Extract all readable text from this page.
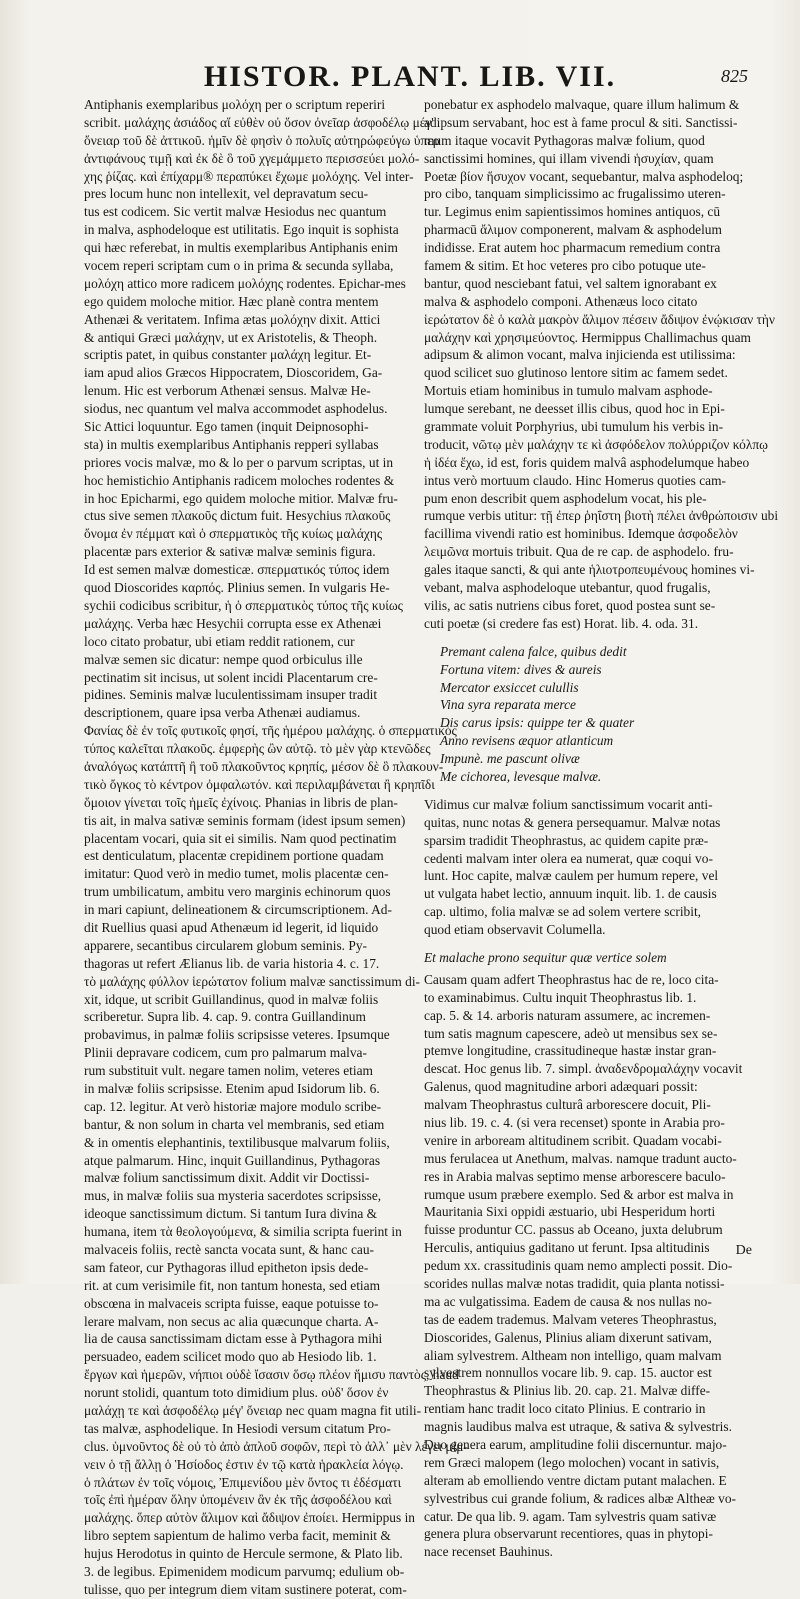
HISTOR. PLANT. LIB. VII.	825
Antiphanis exemplaribus μολόχη per ο scriptum reperiri
scribit. μαλάχης ἀσιάδος αἵ εὐθὲν οὐ ὅσον ὀνεῖαρ ἀσφοδέλῳ μέγ'
ὄνειαρ τοῦ δὲ ἀττικοῦ. ἡμῖν δὲ φησὶν ὁ πολυῖς αὐτηρώφεύγω ὑπερ
ἀντιφάνους τιμῇ καὶ ἐκ δὲ ὃ τοῦ χγεμάμμετο περισσεύει μολό-
χης ῥίζας. καὶ ἐπίχαρμ® περαπύκει ἔχωμε μολόχης. Vel inter-
pres locum hunc non intellexit, vel depravatum secu-
tus est codicem. Sic vertit malvæ Hesiodus nec quantum
in malva, asphodeloque est utilitatis. Ego inquit is sophista
qui hæc referebat, in multis exemplaribus Antiphanis enim
vocem reperi scriptam cum o in prima & secunda syllaba,
μολόχη attico more radicem μολόχης rodentes. Epichar-mes
ego quidem moloche mitior. Hæc planè contra mentem
Athenæi & veritatem. Infima ætas μολόχην dixit. Attici
& antiqui Græci μαλάχην, ut ex Aristotelis, & Theoph.
scriptis patet, in quibus constanter μαλάχη legitur. Et-
iam apud alios Græcos Hippocratem, Dioscoridem, Ga-
lenum. Hic est verborum Athenæi sensus. Malvæ He-
siodus, nec quantum vel malva accommodet asphodelus.
Sic Attici loquuntur. Ego tamen (inquit Deipnosophi-
sta) in multis exemplaribus Antiphanis repperi syllabas
priores vocis malvæ, mo & lo per o parvum scriptas, ut in
hoc hemistichio Antiphanis radicem moloches rodentes &
in hoc Epicharmi, ego quidem moloche mitior. Malvæ fru-
ctus sive semen πλακοῦς dictum fuit. Hesychius πλακοῦς
ὄνομα ἐν πέμματ καὶ ὁ σπερματικὸς τῆς κυίως μαλάχης
placentæ pars exterior & sativæ malvæ seminis figura.
Id est semen malvæ domesticæ. σπερματικός τύπος idem
quod Dioscorides καρπός. Plinius semen. In vulgaris He-
sychii codicibus scribitur, ἡ ὁ σπερματικὸς τύπος τῆς κυίως
μαλάχης. Verba hæc Hesychii corrupta esse ex Athenæi
loco citato probatur, ubi etiam reddit rationem, cur
malvæ semen sic dicatur: nempe quod orbiculus ille
pectinatim sit incisus, ut solent incidi Placentarum cre-
pidines. Seminis malvæ luculentissimam insuper tradit
descriptionem, quare ipsa verba Athenæi audiamus.
Φανίας δὲ ἐν τοῖς φυτικοῖς φησί, τῆς ἡμέρου μαλάχης. ὁ σπερματικὸς
τύπος καλεῖται πλακοῦς. ἐμφερὴς ὢν αὐτῷ. τὸ μὲν γὰρ κτενῶδες
ἀναλόγως κατάπτῆ ἢ τοῦ πλακοῦντος κρηπίς, μέσον δὲ ὃ πλακουν-
τικὸ ὄγκος τὸ κέντρον ὀμφαλωτόν. καὶ περιλαμβάνεται ἢ κρηπῖδι
ὅμοιον γίνεται τοῖς ἡμεῖς ἐχίνοις. Phanias in libris de plan-
tis ait, in malva sativæ seminis formam (idest ipsum semen)
placentam vocari, quia sit ei similis. Nam quod pectinatim
est denticulatum, placentæ crepidinem portione quadam
imitatur: Quod verò in medio tumet, molis placentæ cen-
trum umbilicatum, ambitu vero marginis echinorum quos
in mari capiunt, delineationem & circumscriptionem. Ad-
dit Ruellius quasi apud Athenæum id legerit, id liquido
apparere, secantibus circularem globum seminis. Py-
thagoras ut refert Ælianus lib. de varia historia 4. c. 17.
τὸ μαλάχης φύλλον ἱερώτατον folium malvæ sanctissimum di-
xit, idque, ut scribit Guillandinus, quod in malvæ foliis
scriberetur. Supra lib. 4. cap. 9. contra Guillandinum
probavimus, in palmæ foliis scripsisse veteres. Ipsumque
Plinii depravare codicem, cum pro palmarum malva-
rum substituit vult. negare tamen nolim, veteres etiam
in malvæ foliis scripsisse. Etenim apud Isidorum lib. 6.
cap. 12. legitur. At verò historiæ majore modulo scribe-
bantur, & non solum in charta vel membranis, sed etiam
& in omentis elephantinis, textilibusque malvarum foliis,
atque palmarum. Hinc, inquit Guillandinus, Pythagoras
malvæ folium sanctissimum dixit. Addit vir Doctissi-
mus, in malvæ foliis sua mysteria sacerdotes scripsisse,
ideoque sanctissimum dictum. Si tantum Iura divina &
humana, item τὰ θεολογούμενα, & similia scripta fuerint in
malvaceis foliis, rectè sancta vocata sunt, & hanc cau-
sam fateor, cur Pythagoras illud epitheton ipsis dede-
rit. at cum verisimile fit, non tantum honesta, sed etiam
obscœna in malvaceis scripta fuisse, eaque potuisse to-
lerare malvam, non secus ac alia quæcunque charta. A-
lia de causa sanctissimam dictam esse à Pythagora mihi
persuadeo, eadem scilicet modo quo ab Hesiodo lib. 1.
ἔργων καὶ ἡμερῶν, νήπιοι οὐδὲ ἴσασιν ὅσῳ πλέον ἥμισυ παντὸς, haud
norunt stolidi, quantum toto dimidium plus. οὐδ' ὅσον ἐν
μαλάχῃ τε καὶ ἀσφοδέλῳ μέγ' ὄνειαρ nec quam magna fit utili-
tas malvæ, asphodelique. In Hesiodi versum citatum Pro-
clus. ὑμνοῦντος δὲ οὐ τὸ ἀπὸ ἀπλοῦ σοφῶν, περὶ τὸ ἀλλ᾽ μὲν λέγει μίμ-
νειν ὁ τῇ ἄλλῃ ὁ Ἡσίοδος ἐστιν ἐν τῷ κατὰ ἡρακλεία λόγῳ.
ὁ πλάτων ἐν τοῖς νόμοις, Ἐπιμενίδου μὲν ὄντος τι ἐδέσματι
τοῖς ἐπὶ ἡμέραν ὅλην ὑπομένειν ἂν ἐκ τῆς ἀσφοδέλου καὶ
μαλάχης. ὅπερ αὐτὸν ἄλιμον καὶ ἄδιψον ἐποίει. Hermippus in
libro septem sapientum de halimo verba facit, meminit &
hujus Herodotus in quinto de Hercule sermone, & Plato lib.
3. de legibus. Epimenidem modicum parvumq; edulium ob-
tulisse, quo per integrum diem vitam sustinere poterat, com-
ponebatur ex asphodelo malvaque, quare illum halimum &
adipsum servabant, hoc est à fame procul & siti. Sanctissi-
mum itaque vocavit Pythagoras malvæ folium, quod
sanctissimi homines, qui illam vivendi ἡσυχίαν, quam
Poetæ βίον ἥσυχον vocant, sequebantur, malva asphodeloq;
pro cibo, tanquam simplicissimo ac frugalissimo uteren-
tur. Legimus enim sapientissimos homines antiquos, cū
pharmacū ἄλιμον componerent, malvam & asphodelum
indidisse. Erat autem hoc pharmacum remedium contra
famem & sitim. Et hoc veteres pro cibo potuque ute-
bantur, quod nesciebant fatui, vel saltem ignorabant ex
malva & asphodelo componi. Athenæus loco citato
ἱερώτατον δὲ ὁ καλὰ μακρὸν ἄλιμον πέσειν ἄδιψον ἐνῴκισαν τὴν
μαλάχην καὶ χρησιμεύοντος. Hermippus Challimachus quam
adipsum & alimon vocant, malva injicienda est utilissima:
quod scilicet suo glutinoso lentore sitim ac famem sedet.
Mortuis etiam hominibus in tumulo malvam asphode-
lumque serebant, ne deesset illis cibus, quod hoc in Epi-
grammate voluit Porphyrius, ubi tumulum his verbis in-
troducit, νῶτῳ μὲν μαλάχην τε κὶ ἀσφόδελον πολύρριζον κόλπῳ
ἡ ἰδέα ἔχω, id est, foris quidem malvâ asphodelumque habeo
intus verò mortuum claudo. Hinc Homerus quoties cam-
pum enon describit quem asphodelum vocat, his ple-
rumque verbis utitur: τῇ ἐπερ ῥηΐστη βιοτὴ πέλει ἀνθρώποισιν ubi
facillima vivendi ratio est hominibus. Idemque ἀσφοδελὸν
λειμῶνα mortuis tribuit. Qua de re cap. de asphodelo. fru-
gales itaque sancti, & qui ante ἡλιοτροπευμένους homines vi-
vebant, malva asphodeloque utebantur, quod frugalis,
vilis, ac satis nutriens cibus foret, quod postea sunt se-
cuti poetæ (si credere fas est) Horat. lib. 4. oda. 31.
Premant calena falce, quibus dedit
Fortuna vitem: dives & aureis
Mercator exsiccet culullis
Vina syra reparata merce
Dis carus ipsis: quippe ter & quater
Anno revisens æquor atlanticum
Impunè. me pascunt olivæ
Me cichorea, levesque malvæ.
Vidimus cur malvæ folium sanctissimum vocarit anti-
quitas, nunc notas & genera persequamur. Malvæ notas
sparsim tradidit Theophrastus, ac quidem capite præ-
cedenti malvam inter olera ea numerat, quæ coqui vo-
lunt. Hoc capite, malvæ caulem per humum repere, vel
ut vulgata habet lectio, annuum inquit. lib. 1. de causis
cap. ultimo, folia malvæ se ad solem vertere scribit,
quod etiam observavit Columella.
Et malache prono sequitur quæ vertice solem
Causam quam adfert Theophrastus hac de re, loco cita-
to examinabimus. Cultu inquit Theophrastus lib. 1.
cap. 5. & 14. arboris naturam assumere, ac incremen-
tum satis magnum capescere, adeò ut mensibus sex se-
ptemve longitudine, crassitudineque hastæ instar gran-
descat. Hoc genus lib. 7. simpl. ἀναδενδρομαλάχην vocavit
Galenus, quod magnitudine arbori adæquari possit:
malvam Theophrastus culturâ arborescere docuit, Pli-
nius lib. 19. c. 4. (si vera recenset) sponte in Arabia pro-
venire in arboream altitudinem scribit. Quadam vocabi-
mus ferulacea ut Anethum, malvas. namque tradunt aucto-
res in Arabia malvas septimo mense arborescere baculo-
rumque usum præbere exemplo. Sed & arbor est malva in
Mauritania Sixi oppidi æstuario, ubi Hesperidum horti
fuisse produntur CC. passus ab Oceano, juxta delubrum
Herculis, antiquius gaditano ut ferunt. Ipsa altitudinis
pedum xx. crassitudinis quam nemo amplecti possit. Dio-
scorides nullas malvæ notas tradidit, quia planta notissi-
ma ac vulgatissima. Eadem de causa & nos nullas no-
tas de eadem trademus. Malvam veteres Theophrastus,
Dioscorides, Galenus, Plinius aliam dixerunt sativam,
aliam sylvestrem. Altheam non intelligo, quam malvam
sylvestrem nonnullos vocare lib. 9. cap. 15. auctor est
Theophrastus & Plinius lib. 20. cap. 21. Malvæ diffe-
rentiam hanc tradit loco citato Plinius. E contrario in
magnis laudibus malva est utraque, & sativa & sylvestris.
Duo genera earum, amplitudine folii discernuntur. majo-
rem Græci malopem (lego molochen) vocant in sativis,
alteram ab emolliendo ventre dictam putant malachen. E
sylvestribus cui grande folium, & radices albæ Altheæ vo-
catur. De qua lib. 9. agam. Tam sylvestris quam sativæ
genera plura observarunt recentiores, quas in phytopi-
nace recenset Bauhinus.
De
